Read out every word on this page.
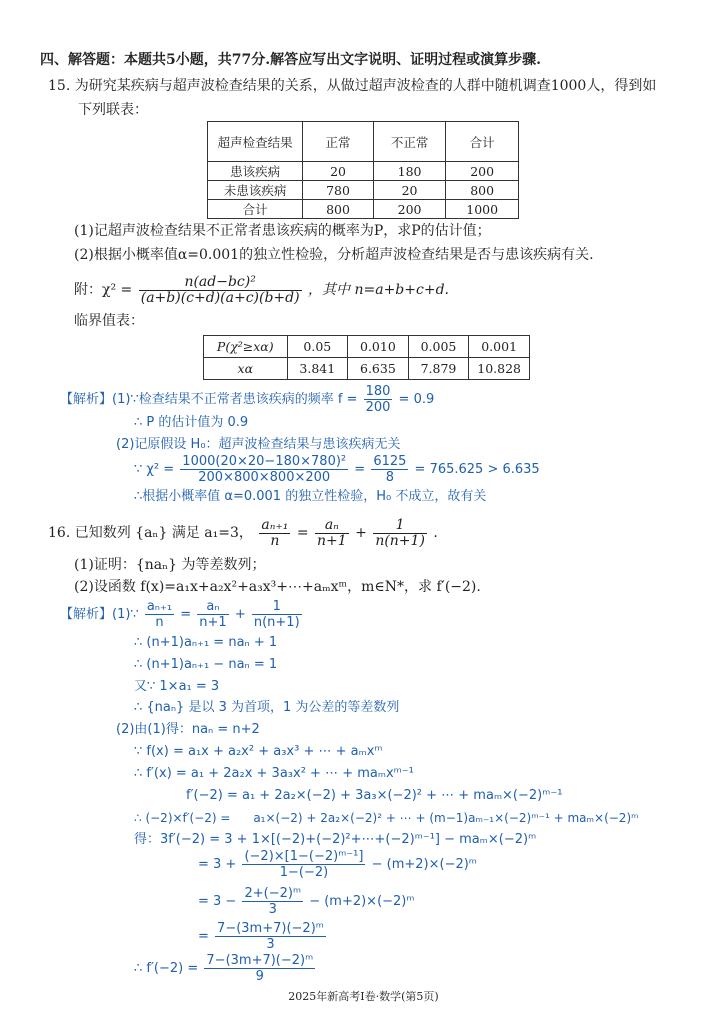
四、解答题：本题共5小题，共77分.解答应写出文字说明、证明过程或演算步骤.
15. 为研究某疾病与超声波检查结果的关系，从做过超声波检查的人群中随机调查1000人，得到如
下列联表：
超声检查结果	正常	不正常	合计
患该疾病	20	180	200
未患该疾病	780	20	800
合计	800	200	1000
(1)记超声波检查结果不正常者患该疾病的概率为P，求P的估计值；
(2)根据小概率值α=0.001的独立性检验，分析超声波检查结果是否与患该疾病有关.
附：$\chi^2 = \frac{\text{n(ad−bc)²}}{(a+b)(c+d)(a+c)(b+d)}$ ，其中 n=a+b+c+d.
临界值表：
P(χ²≥xα)	0.05	0.010	0.005	0.001
xα	3.841	6.635	7.879	10.828
【解析】(1)∵检查结果不正常者患该疾病的频率 $f = \frac{180}{200} = 0.9$
∴ P 的估计值为 0.9
(2)记原假设 H₀：超声波检查结果与患该疾病无关
∵ $\chi^2 = \frac{\text{1000(20×20−180×780)²}}{200\times 800\times 800\times 200} = \frac{6125}{8} = 765.625 > 6.635$
∴根据小概率值 α=0.001 的独立性检验，H₀ 不成立，故有关
16. 已知数列 {aₙ} 满足 a₁=3， $\frac{\text{aₙ₊₁}}{n} = \frac{\text{aₙ}}{n+1} + \frac{1}{n(n+1)}$ .
(1)证明：{naₙ} 为等差数列；
(2)设函数 f(x)=a₁x+a₂x²+a₃x³+⋯+aₘxᵐ，m∈N*，求 f′(−2).
【解析】(1)∵ $\frac{\text{aₙ₊₁}}{n} = \frac{\text{aₙ}}{n+1} + \frac{1}{n(n+1)}$
∴ (n+1)aₙ₊₁ = naₙ + 1
∴ (n+1)aₙ₊₁ − naₙ = 1
又∵ 1×a₁ = 3
∴ {naₙ} 是以 3 为首项，1 为公差的等差数列
(2)由(1)得：naₙ = n+2
∵ f(x) = a₁x + a₂x² + a₃x³ + ⋯ + aₘxᵐ
∴ f′(x) = a₁ + 2a₂x + 3a₃x² + ⋯ + maₘxᵐ⁻¹
f′(−2) = a₁ + 2a₂×(−2) + 3a₃×(−2)² + ⋯ + maₘ×(−2)ᵐ⁻¹
∴ (−2)×f′(−2) = a₁×(−2) + 2a₂×(−2)² + ⋯ + (m−1)aₘ₋₁×(−2)ᵐ⁻¹ + maₘ×(−2)ᵐ
得：3f′(−2) = 3 + 1×[(−2)+(−2)²+⋯+(−2)ᵐ⁻¹] − maₘ×(−2)ᵐ
= $3 + \frac{\text{(−2)×[1−(−2)ᵐ⁻¹]}}{1-(-2)}$ − (m+2)×(−2)ᵐ
= $3 - \frac{\text{2+(−2)ᵐ}}{3}$ − (m+2)×(−2)ᵐ
= $\frac{\text{7−(3m+7)(−2)ᵐ}}{3}$
∴ $f'(-2) = \frac{\text{7−(3m+7)(−2)ᵐ}}{9}$
2025年新高考Ⅰ卷·数学(第5页)
